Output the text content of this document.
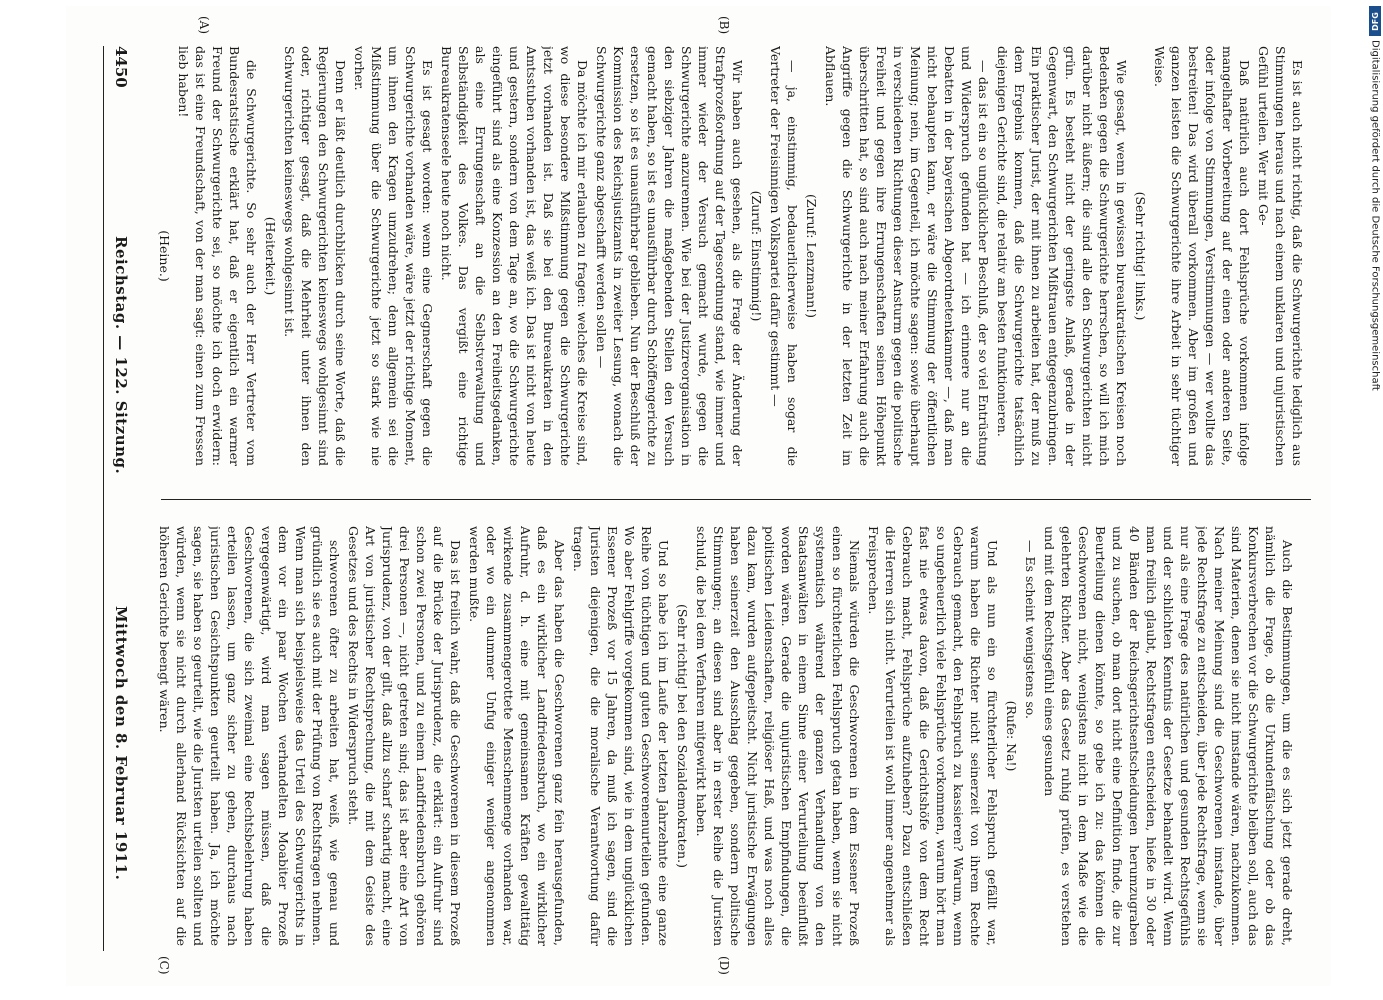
4450
Reichstag. — 122. Sitzung.
Mittwoch den 8. Februar 1911.
(A)	(B)
(C)	(D)

(Heine.)	die Schwurgerichte. So sehr auch der Herr Vertreter vom Bundesratstische erklärt hat, daß er eigentlich ein warmer Freund der Schwurgerichte sei, so möchte ich doch erwidern: das ist eine Freundschaft, von der man sagt: einen zum Fressen lieb haben!

(Heiterkeit.)	Denn er läßt deutlich durchblicken durch seine Worte, daß die Regierungen den Schwurgerichten keineswegs wohlgesinnt sind oder, richtiger gesagt, daß die Mehrheit unter ihnen den Schwurgerichten keineswegs wohlgesinnt ist.	Es ist gesagt worden: wenn eine Gegnerschaft gegen die Schwurgerichte vorhanden wäre, wäre jetzt der richtige Moment, um ihnen den Kragen umzudrehen; denn allgemein sei die Mißstimmung über die Schwurgerichte jetzt so stark wie nie vorher.	Da möchte ich mir erlauben zu fragen: welches die Kreise sind, wo diese besondere Mißstimmung gegen die Schwurgerichte jetzt vorhanden ist. Daß sie bei den Bureaukraten in den Amtsstuben vorhanden ist, das weiß ich. Das ist nicht von heute und gestern, sondern von dem Tage an, wo die Schwurgerichte eingeführt sind als eine Konzession an den Freiheitsgedanken, als eine Errungenschaft an die Selbstverwaltung und Selbständigkeit des Volkes. Das vergißt eine richtige Bureaukratenseele heute noch nicht.	Wir haben auch gesehen, als die Frage der Änderung der Strafprozeßordnung auf der Tagesordnung stand, wie immer und immer wieder der Versuch gemacht wurde, gegen die Schwurgerichte anzurennen. Wie bei der Justizreorganisation in den siebziger Jahren die maßgebenden Stellen den Versuch gemacht haben, so ist es unausführbar durch Schöffengerichte zu ersetzen, so ist es unausführbar geblieben. Nun der Beschluß der Kommission des Reichsjustizamts in zweiter Lesung, wonach die Schwurgerichte ganz abgeschafft werden sollen —	(Zuruf: Einstimmig!)	— ja, einstimmig, bedauerlicherweise haben sogar die Vertreter der Freisinnigen Volkspartei dafür gestimmt —	(Zuruf: Lenzmann!)	— das ist ein so unglücklicher Beschluß, der so viel Entrüstung und Widerspruch gefunden hat — ich erinnere nur an die Debatten in der bayerischen Abgeordnetenkammer —, daß man nicht behaupten kann, er wäre die Stimmung der öffentlichen Meinung; nein, im Gegenteil, ich möchte sagen: sowie überhaupt in verschiedenen Richtungen dieser Ansturm gegen die politische Freiheit und gegen ihre Errungenschaften seinen Höhepunkt überschritten hat, so sind auch nach meiner Erfahrung auch die Angriffe gegen die Schwurgerichte in der letzten Zeit im Abflauen.	Wie gesagt, wenn in gewissen bureaukratischen Kreisen noch Bedenken gegen die Schwurgerichte herrschen, so will ich mich darüber nicht äußern; die sind alle den Schwurgerichten nicht grün. Es besteht nicht der geringste Anlaß, gerade in der Gegenwart, den Schwurgerichten Mißtrauen entgegenzubringen. Ein praktischer Jurist, der mit ihnen zu arbeiten hat, der muß zu dem Ergebnis kommen, daß die Schwurgerichte tatsächlich diejenigen Gerichte sind, die relativ am besten funktionieren.	(Sehr richtig! links.)	Daß natürlich auch dort Fehlsprüche vorkommen infolge mangelhafter Vorbereitung auf der einen oder anderen Seite, oder infolge von Stimmungen, Verstimmungen — wer wollte das bestreiten! Das wird überall vorkommen. Aber im großen und ganzen leisten die Schwurgerichte ihre Arbeit in sehr tüchtiger Weise.	Es ist auch nicht richtig, daß die Schwurgerichte lediglich aus Stimmungen heraus und nach einem unklaren und unjuristischen Gefühl urteilen. Wer mit Ge-

schworenen öfter zu arbeiten hat, weiß, wie genau und gründlich sie es auch mit der Prüfung von Rechtsfragen nehmen. Wenn man sich beispielsweise das Urteil des Schwurgerichts in dem vor ein paar Wochen verhandelten Moabiter Prozeß vergegenwärtigt, wird man sagen müssen, daß die Geschworenen, die sich zweimal eine Rechtsbelehrung haben erteilen lassen, um ganz sicher zu gehen, durchaus nach juristischen Gesichtspunkten geurteilt haben. Ja, ich möchte sagen, sie haben so geurteilt, wie die Juristen urteilen sollten und würden, wenn sie nicht durch allerhand Rücksichten auf die höheren Gerichte beengt wären.	Das ist freilich wahr, daß die Geschworenen in diesem Prozeß auf die Brücke der Jurisprudenz, die erklärt: ein Aufruhr sind schon zwei Personen, und zu einem Landfriedensbruch gehören drei Personen —, nicht getreten sind; das ist aber eine Art von Jurisprudenz, von der gilt, daß allzu scharf schartig macht, eine Art von juristischer Rechtsprechung, die mit dem Geiste des Gesetzes und des Rechts in Widerspruch steht.	Aber das haben die Geschworenen ganz fein herausgefunden, daß es ein wirklicher Landfriedensbruch, wo ein wirklicher Aufruhr, d. h. eine mit gemeinsamen Kräften gewalttätig wirkende zusammengerottete Menschenmenge vorhanden war, oder wo ein dummer Unfug einiger weniger angenommen werden mußte.	Und so habe ich im Laufe der letzten Jahrzehnte eine ganze Reihe von tüchtigen und guten Geschworenenurteilen gefunden. Wo aber Fehlgriffe vorgekommen sind, wie in dem unglücklichen Essener Prozeß vor 15 Jahren, da muß ich sagen, sind die Juristen diejenigen, die die moralische Verantwortung dafür tragen.

(Sehr richtig! bei den Sozialdemokraten.)	Niemals würden die Geschworenen in dem Essener Prozeß einen so fürchterlichen Fehlspruch getan haben, wenn sie nicht systematisch während der ganzen Verhandlung von den Staatsanwälten in einem Sinne einer Verurteilung beeinflußt worden wären. Gerade die unjuristischen Empfindungen, die politischen Leidenschaften, religiöser Haß, und was noch alles dazu kam, wurden aufgepeitscht. Nicht juristische Erwägungen haben seinerzeit den Ausschlag gegeben, sondern politische Stimmungen; an diesen sind aber in erster Reihe die Juristen schuld, die bei dem Verfahren mitgewirkt haben.	Und als nun ein so fürchterlicher Fehlspruch gefällt war, warum haben die Richter nicht seinerzeit von ihrem Rechte Gebrauch gemacht, den Fehlspruch zu kassieren? Warum, wenn so ungeheuerlich viele Fehlsprüche vorkommen, warum hört man fast nie etwas davon, daß die Gerichtshöfe von dem Recht Gebrauch macht, Fehlsprüche aufzuheben? Dazu entschließen die Herren sich nicht. Verurteilen ist wohl immer angenehmer als Freisprechen.

(Rufe: Na!)

— Es scheint wenigstens so.	Auch die Bestimmungen, um die es sich jetzt gerade dreht, nämlich die Frage, ob die Urkundenfälschung oder ob das Konkursverbrechen vor die Schwurgerichte bleiben soll, auch das sind Materien, denen sie nicht imstande wären, nachzukommen. Nach meiner Meinung sind die Geschworenen imstande, über jede Rechtsfrage zu entscheiden, über jede Rechtsfrage, wenn sie nur als eine Frage des natürlichen und gesunden Rechtsgefühls und der schlichten Kenntnis der Gesetze behandelt wird. Wenn man freilich glaubt, Rechtsfragen entscheiden, hieße in 30 oder 40 Bänden der Reichsgerichtsentscheidungen herumzugraben und zu suchen, ob man dort nicht eine Definition finde, die zur Beurteilung dienen könnte, so gebe ich zu: das können die Geschworenen nicht, wenigstens nicht in dem Maße wie die gelehrten Richter. Aber das Gesetz ruhig prüfen, es verstehen und mit dem Rechtsgefühl eines gesunden

DFG
Digitalisierung gefördert durch die Deutsche Forschungsgemeinschaft
